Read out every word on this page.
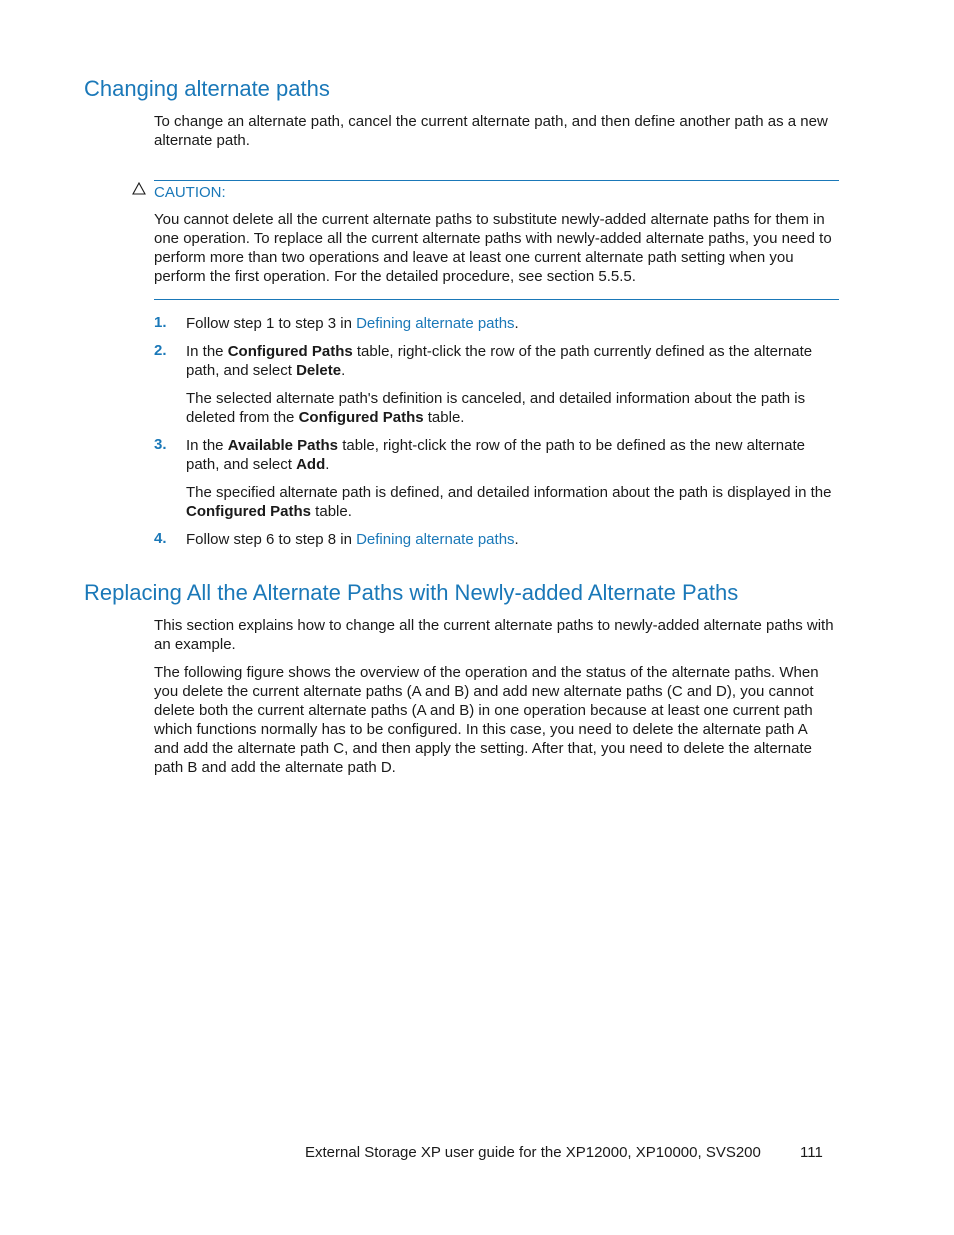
Changing alternate paths

To change an alternate path, cancel the current alternate path, and then define another path as a new alternate path.

CAUTION:

You cannot delete all the current alternate paths to substitute newly-added alternate paths for them in one operation. To replace all the current alternate paths with newly-added alternate paths, you need to perform more than two operations and leave at least one current alternate path setting when you perform the first operation. For the detailed procedure, see section 5.5.5.

1. Follow step 1 to step 3 in Defining alternate paths.

2. In the Configured Paths table, right-click the row of the path currently defined as the alternate path, and select Delete.

The selected alternate path's definition is canceled, and detailed information about the path is deleted from the Configured Paths table.

3. In the Available Paths table, right-click the row of the path to be defined as the new alternate path, and select Add.

The specified alternate path is defined, and detailed information about the path is displayed in the Configured Paths table.

4. Follow step 6 to step 8 in Defining alternate paths.

Replacing All the Alternate Paths with Newly-added Alternate Paths

This section explains how to change all the current alternate paths to newly-added alternate paths with an example.

The following figure shows the overview of the operation and the status of the alternate paths. When you delete the current alternate paths (A and B) and add new alternate paths (C and D), you cannot delete both the current alternate paths (A and B) in one operation because at least one current path which functions normally has to be configured. In this case, you need to delete the alternate path A and add the alternate path C, and then apply the setting. After that, you need to delete the alternate path B and add the alternate path D.

External Storage XP user guide for the XP12000, XP10000, SVS200	111
